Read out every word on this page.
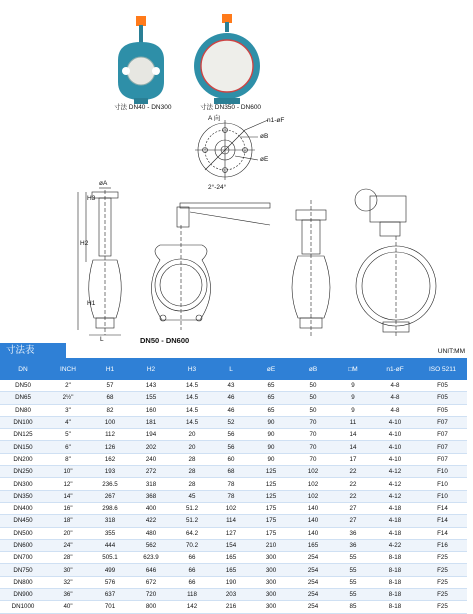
寸法 DN40 - DN300	寸法 DN350 - DN600
A 向	n1-øF
øB
øE
2°-24°
øA
H3
H2
H1
L	DN50 - DN600
寸法表	UNIT:MM
DN	INCH	H1	H2	H3	L	øE	øB	□M	n1-øF	ISO 5211
DN50	2"	57	143	14.5	43	65	50	9	4-8	F05
DN65	2½"	68	155	14.5	46	65	50	9	4-8	F05
DN80	3"	82	160	14.5	46	65	50	9	4-8	F05
DN100	4"	100	181	14.5	52	90	70	11	4-10	F07
DN125	5"	112	194	20	56	90	70	14	4-10	F07
DN150	6"	126	202	20	56	90	70	14	4-10	F07
DN200	8"	162	240	28	60	90	70	17	4-10	F07
DN250	10"	193	272	28	68	125	102	22	4-12	F10
DN300	12"	236.5	318	28	78	125	102	22	4-12	F10
DN350	14"	267	368	45	78	125	102	22	4-12	F10
DN400	16"	298.6	400	51.2	102	175	140	27	4-18	F14
DN450	18"	318	422	51.2	114	175	140	27	4-18	F14
DN500	20"	355	480	64.2	127	175	140	36	4-18	F14
DN600	24"	444	562	70.2	154	210	165	36	4-22	F16
DN700	28"	505.1	623.9	66	165	300	254	55	8-18	F25
DN750	30"	499	646	66	165	300	254	55	8-18	F25
DN800	32"	576	672	66	190	300	254	55	8-18	F25
DN900	36"	637	720	118	203	300	254	55	8-18	F25
DN1000	40"	701	800	142	216	300	254	85	8-18	F25
